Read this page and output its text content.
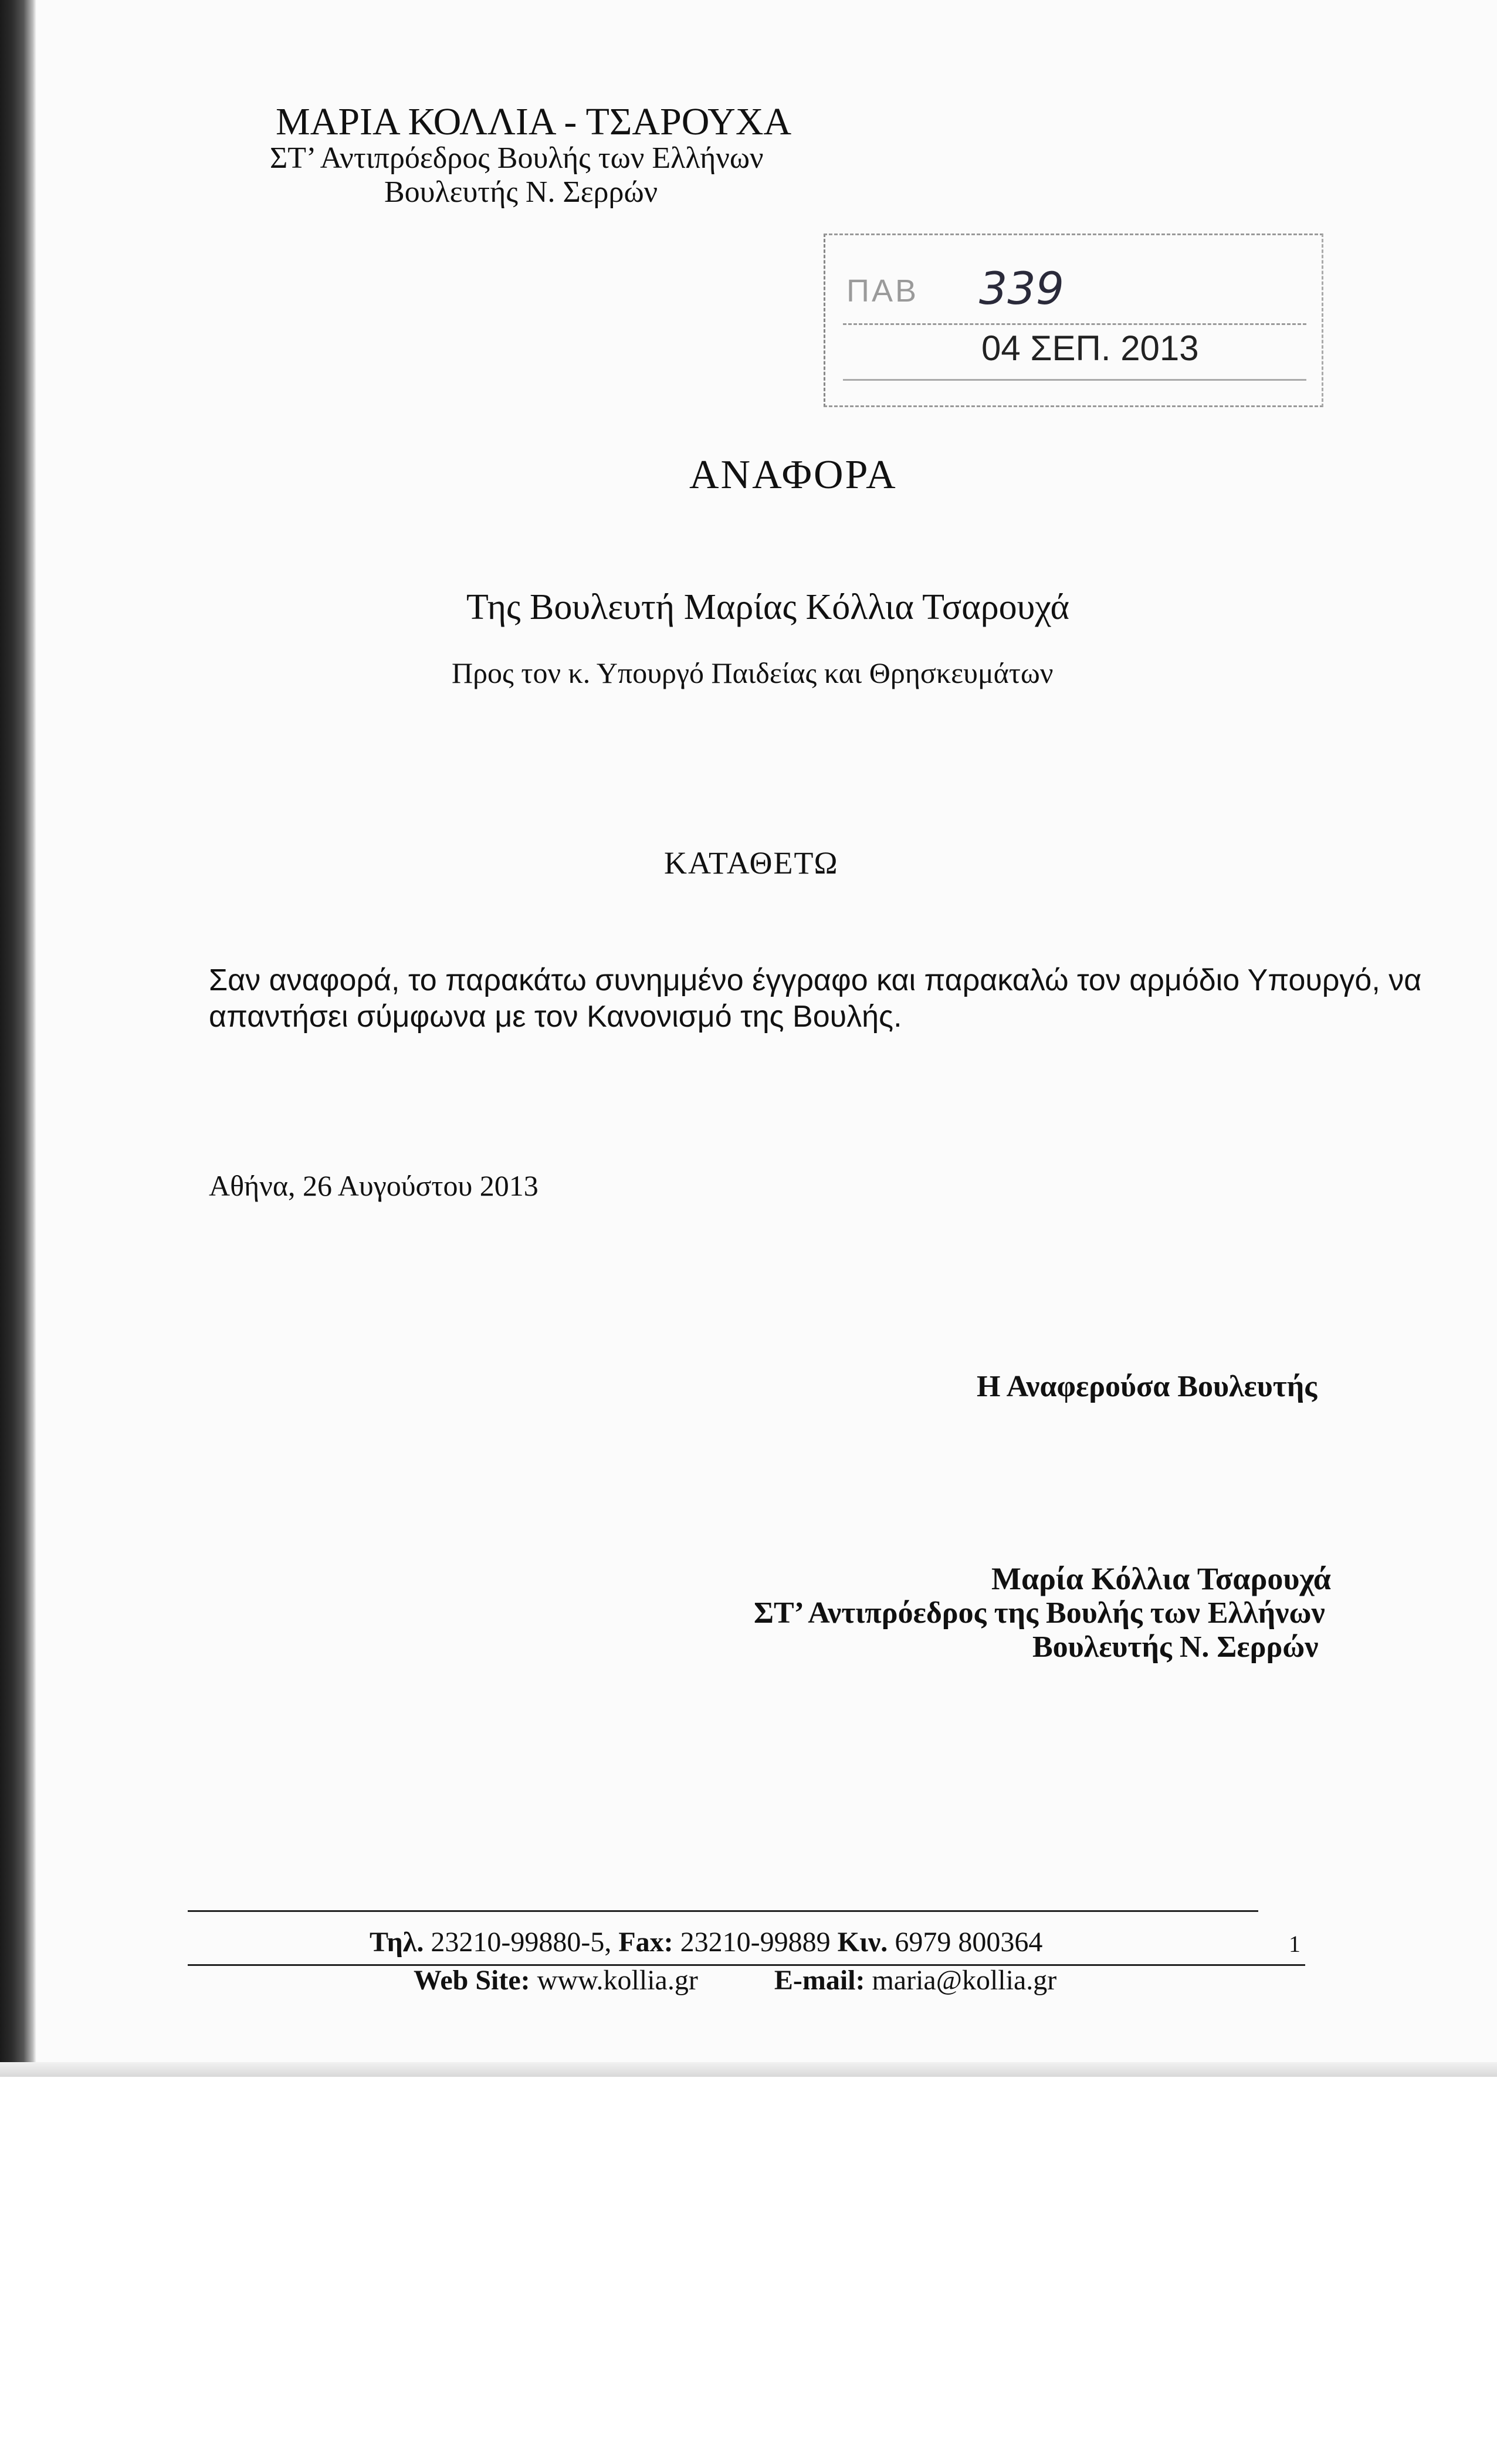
ΜΑΡΙΑ ΚΟΛΛΙΑ - ΤΣΑΡΟΥΧΑ
ΣΤ’ Αντιπρόεδρος Βουλής των Ελλήνων
Βουλευτής Ν. Σερρών
ΠΑΒ 339
04 ΣΕΠ. 2013
ΑΝΑΦΟΡΑ
Της Βουλευτή Μαρίας Κόλλια Τσαρουχά
Προς τον κ. Υπουργό Παιδείας και Θρησκευμάτων
ΚΑΤΑΘΕΤΩ
Σαν αναφορά, το παρακάτω συνημμένο έγγραφο και παρακαλώ τον αρμόδιο Υπουργό, να
απαντήσει σύμφωνα με τον Κανονισμό της Βουλής.
Αθήνα, 26 Αυγούστου 2013
Η Αναφερούσα Βουλευτής
Μαρία Κόλλια Τσαρουχά
ΣΤ’ Αντιπρόεδρος της Βουλής των Ελλήνων
Βουλευτής Ν. Σερρών
Τηλ. 23210-99880-5, Fax: 23210-99889 Κιν. 6979 800364
Web Site: www.kollia.gr	E-mail: maria@kollia.gr
1
